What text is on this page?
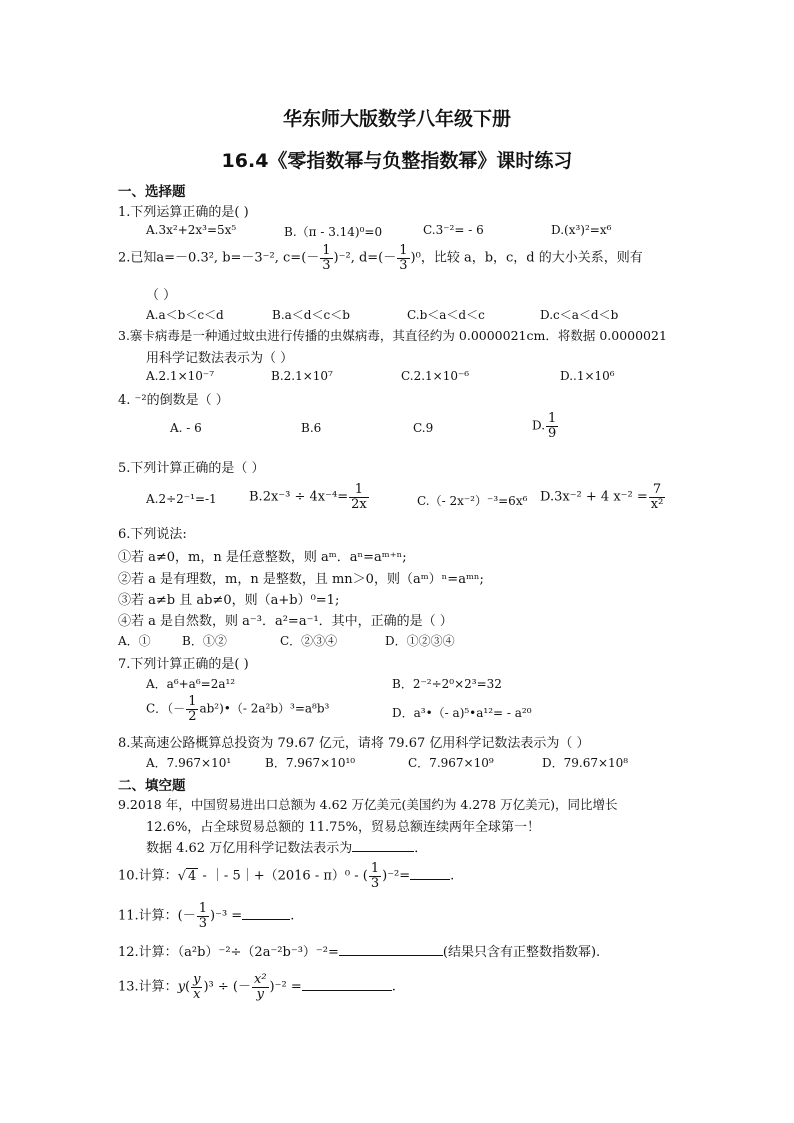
华东师大版数学八年级下册
16.4《零指数幂与负整指数幂》课时练习
一、选择题
1.下列运算正确的是( )
A.3x²+2x³=5x⁵	B.（π - 3.14)⁰=0	C.3⁻²= - 6	D.(x³)²=x⁶
2.已知a=－0.3², b=－3⁻², $c=(- \frac{1}{3} )^{-2}$, $d=(- \frac{1}{3} )^0$，比较 a，b，c，d 的大小关系，则有
（ ）
A.a＜b＜c＜d	B.a＜d＜c＜b	C.b＜a＜d＜c	D.c＜a＜d＜b
3.寨卡病毒是一种通过蚊虫进行传播的虫媒病毒，其直径约为 0.0000021cm．将数据 0.0000021
用科学记数法表示为（ ）
A.2.1×10⁻⁷	B.2.1×10⁷	C.2.1×10⁻⁶	D..1×10⁶
4. ⁻²的倒数是（ ）
A. - 6	B.6	C.9	D. $\frac{1}{9}$
5.下列计算正确的是（ ）
A.2÷2⁻¹=-1 $B.2x^{-3} \div 4x^{-4}= \frac{1}{2x}$	C.（- 2x⁻²）⁻³=6x⁶ D.3x⁻² + 4 $x^{-2} = \frac{7}{\text{x²}}$
6.下列说法:
①若 a≠0，m，n 是任意整数，则 aᵐ．aⁿ=aᵐ⁺ⁿ;
②若 a 是有理数，m，n 是整数，且 mn＞0，则（aᵐ）ⁿ=aᵐⁿ;
③若 a≠b 且 ab≠0，则（a+b）⁰=1;
④若 a 是自然数，则 a⁻³．a²=a⁻¹．其中，正确的是（ ）
A．①	B．①②	C．②③④	D．①②③④
7.下列计算正确的是( )
A．a⁶+a⁶=2a¹²	B．2⁻²÷2⁰×2³=32
C．（－ $\frac{1}{2}$ ab²)•（- 2a²b）³=a⁸b³	D．a³•（- a)⁵•a¹²= - a²⁰
8.某高速公路概算总投资为 79.67 亿元，请将 79.67 亿用科学记数法表示为（ ）
A．7.967×10¹	B．7.967×10¹⁰	C．7.967×10⁹	D．79.67×10⁸
二、填空题
9.2018 年，中国贸易进出口总额为 4.62 万亿美元(美国约为 4.278 万亿美元)，同比增长
12.6%，占全球贸易总额的 11.75%，贸易总额连续两年全球第一！
数据 4.62 万亿用科学记数法表示为	．
10.计算：√ 4 - ｜- 5｜+（2016 - π）⁰ - ( $\frac{1}{3} )^{-2}=$	.
11.计算：(－ $\frac{1}{3} )^{-3}$ =	.
12.计算：（a²b）⁻²÷（2a⁻²b⁻³）⁻²=	(结果只含有正整数指数幂).
13.计算：$y( \frac{y}{x} )^3$ ÷ (－ $\frac{\text{x²}}{y} )^{-2}$ =	.
